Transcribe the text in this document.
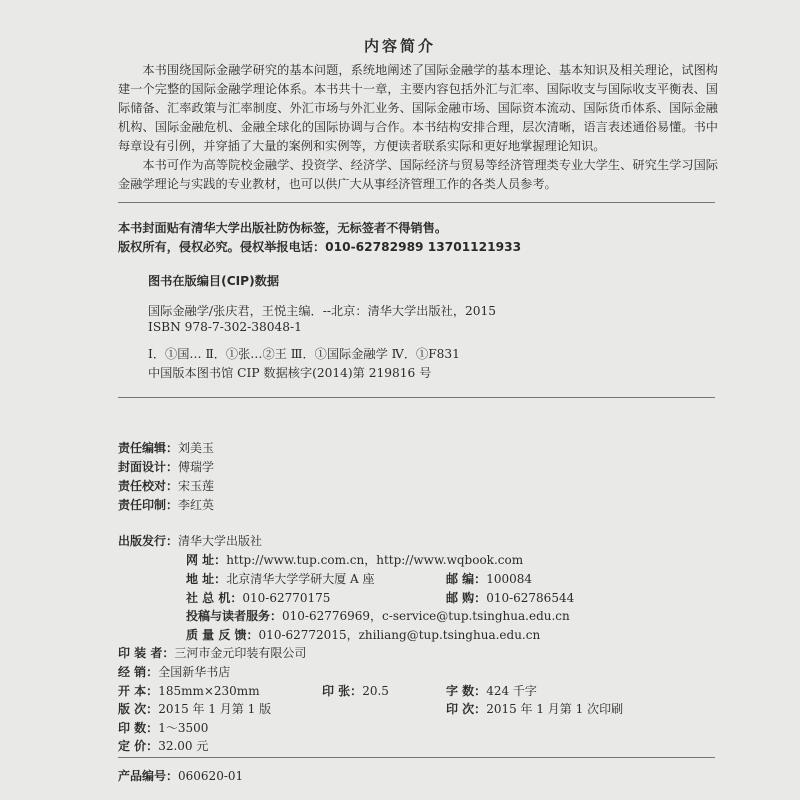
内容简介
本书围绕国际金融学研究的基本问题，系统地阐述了国际金融学的基本理论、基本知识及相关理论，试图构建一个完整的国际金融学理论体系。本书共十一章，主要内容包括外汇与汇率、国际收支与国际收支平衡表、国际储备、汇率政策与汇率制度、外汇市场与外汇业务、国际金融市场、国际资本流动、国际货币体系、国际金融机构、国际金融危机、金融全球化的国际协调与合作。本书结构安排合理，层次清晰，语言表述通俗易懂。书中每章设有引例，并穿插了大量的案例和实例等，方便读者联系实际和更好地掌握理论知识。
本书可作为高等院校金融学、投资学、经济学、国际经济与贸易等经济管理类专业大学生、研究生学习国际金融学理论与实践的专业教材，也可以供广大从事经济管理工作的各类人员参考。
本书封面贴有清华大学出版社防伪标签，无标签者不得销售。
版权所有，侵权必究。侵权举报电话：010-62782989 13701121933
图书在版编目(CIP)数据
国际金融学/张庆君，王悦主编．--北京：清华大学出版社，2015
ISBN 978-7-302-38048-1
Ⅰ．①国… Ⅱ．①张…②王 Ⅲ．①国际金融学 Ⅳ．①F831
中国版本图书馆 CIP 数据核字(2014)第 219816 号
责任编辑：刘美玉
封面设计：傅瑞学
责任校对：宋玉莲
责任印制：李红英
出版发行：清华大学出版社
网 址：http://www.tup.com.cn，http://www.wqbook.com
地 址：北京清华大学学研大厦 A 座	邮 编：100084
社 总 机：010-62770175	邮 购：010-62786544
投稿与读者服务：010-62776969，c-service@tup.tsinghua.edu.cn
质 量 反 馈：010-62772015，zhiliang@tup.tsinghua.edu.cn
印 装 者：三河市金元印装有限公司
经 销：全国新华书店
开 本：185mm×230mm	印 张：20.5	字 数：424 千字
版 次：2015 年 1 月第 1 版	印 次：2015 年 1 月第 1 次印刷
印 数：1～3500
定 价：32.00 元
产品编号：060620-01
